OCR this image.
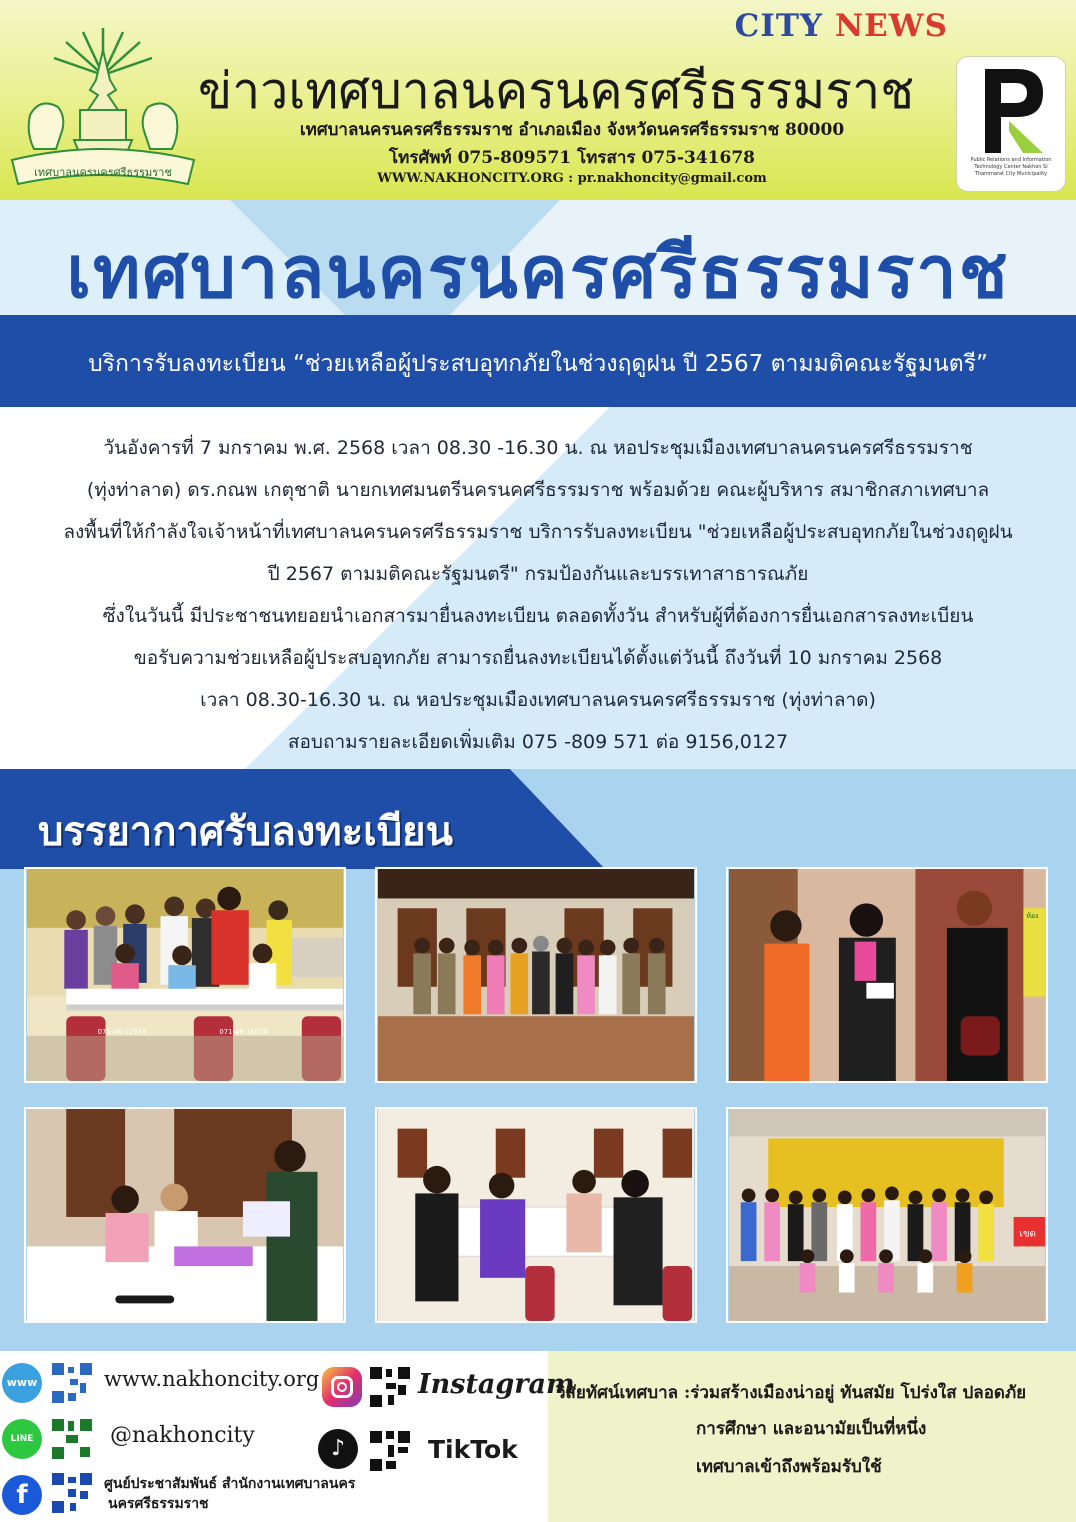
CITY NEWS
เทศบาลนครนครศรีธรรมราช
ข่าวเทศบาลนครนครศรีธรรมราช
เทศบาลนครนครศรีธรรมราช อำเภอเมือง จังหวัดนครศรีธรรมราช 80000
โทรศัพท์ 075-809571 โทรสาร 075-341678
WWW.NAKHONCITY.ORG : pr.nakhoncity@gmail.com
Public Relations and Information Technology Center Nakhon Si Thammarat City Municipality
เทศบาลนครนครศรีธรรมราช
บริการรับลงทะเบียน “ช่วยเหลือผู้ประสบอุทกภัยในช่วงฤดูฝน ปี 2567 ตามมติคณะรัฐมนตรี”
วันอังคารที่ 7 มกราคม พ.ศ. 2568 เวลา 08.30 -16.30 น. ณ หอประชุมเมืองเทศบาลนครนครศรีธรรมราช
(ทุ่งท่าลาด) ดร.กณพ เกตุชาติ นายกเทศมนตรีนครนคศรีธรรมราช พร้อมด้วย คณะผู้บริหาร สมาชิกสภาเทศบาล
ลงพื้นที่ให้กำลังใจเจ้าหน้าที่เทศบาลนครนครศรีธรรมราช บริการรับลงทะเบียน "ช่วยเหลือผู้ประสบอุทกภัยในช่วงฤดูฝน
ปี 2567 ตามมติคณะรัฐมนตรี" กรมป้องกันและบรรเทาสาธารณภัย
ซึ่งในวันนี้ มีประชาชนทยอยนำเอกสารมายื่นลงทะเบียน ตลอดทั้งวัน สำหรับผู้ที่ต้องการยื่นเอกสารลงทะเบียน
ขอรับความช่วยเหลือผู้ประสบอุทกภัย สามารถยื่นลงทะเบียนได้ตั้งแต่วันนี้ ถึงวันที่ 10 มกราคม 2568
เวลา 08.30-16.30 น. ณ หอประชุมเมืองเทศบาลนครนครศรีธรรมราช (ทุ่งท่าลาด)
สอบถามรายละเอียดเพิ่มเติม 075 -809 571 ต่อ 9156,0127
บรรยากาศรับลงทะเบียน
071-46-12978	071-46-15674
ห้อง
เขต
www	www.nakhoncity.org	Instagram
LINE	@nakhoncity
♪	TikTok
f	ศูนย์ประชาสัมพันธ์ สำนักงานเทศบาลนคร
นครศรีธรรมราช
วิสัยทัศน์เทศบาล :ร่วมสร้างเมืองน่าอยู่ ทันสมัย โปร่งใส ปลอดภัย
การศึกษา และอนามัยเป็นที่หนึ่ง
เทศบาลเข้าถึงพร้อมรับใช้
